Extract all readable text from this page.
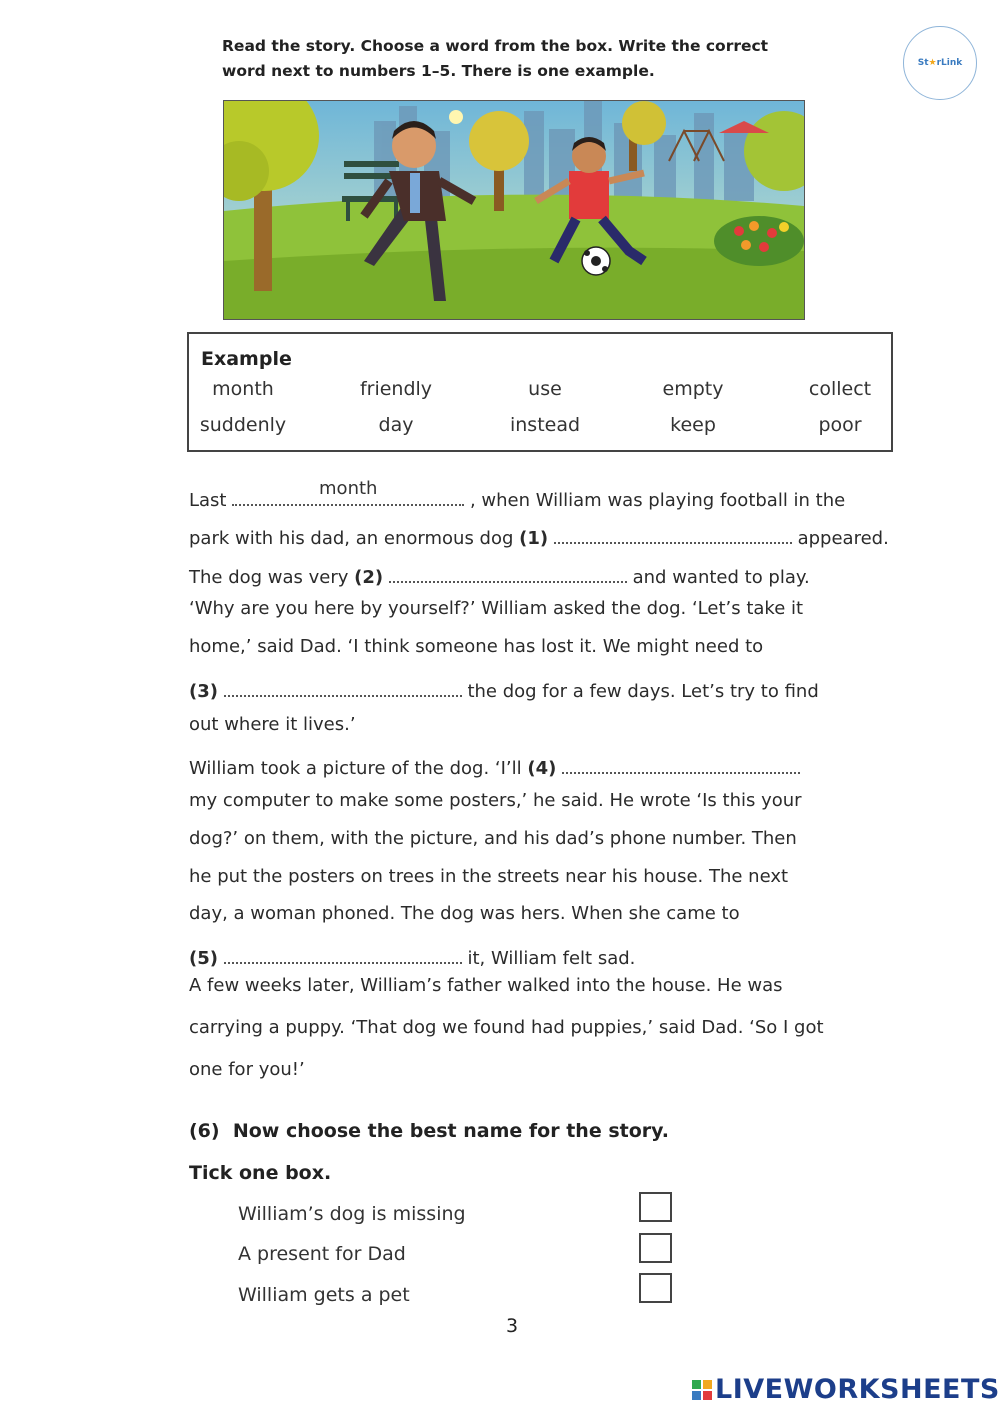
Read the story. Choose a word from the box. Write the correct
word next to numbers 1–5. There is one example.	St ★ rLink
Example
month	friendly	use	empty	collect
suddenly	day	instead	keep	poor
Last
month
, when William was playing football in the
park with his dad, an enormous dog (1)	appeared.
The dog was very (2)	and wanted to play.
‘Why are you here by yourself?’ William asked the dog. ‘Let’s take it
home,’ said Dad. ‘I think someone has lost it. We might need to
(3)	the dog for a few days. Let’s try to find
out where it lives.’
William took a picture of the dog. ‘I’ll (4)
my computer to make some posters,’ he said. He wrote ‘Is this your
dog?’ on them, with the picture, and his dad’s phone number. Then
he put the posters on trees in the streets near his house. The next
day, a woman phoned. The dog was hers. When she came to
(5)	it, William felt sad.
A few weeks later, William’s father walked into the house. He was
carrying a puppy. ‘That dog we found had puppies,’ said Dad. ‘So I got
one for you!’
(6) Now choose the best name for the story.
Tick one box.
William’s dog is missing
A present for Dad
William gets a pet
3
LIVEWORKSHEETS
